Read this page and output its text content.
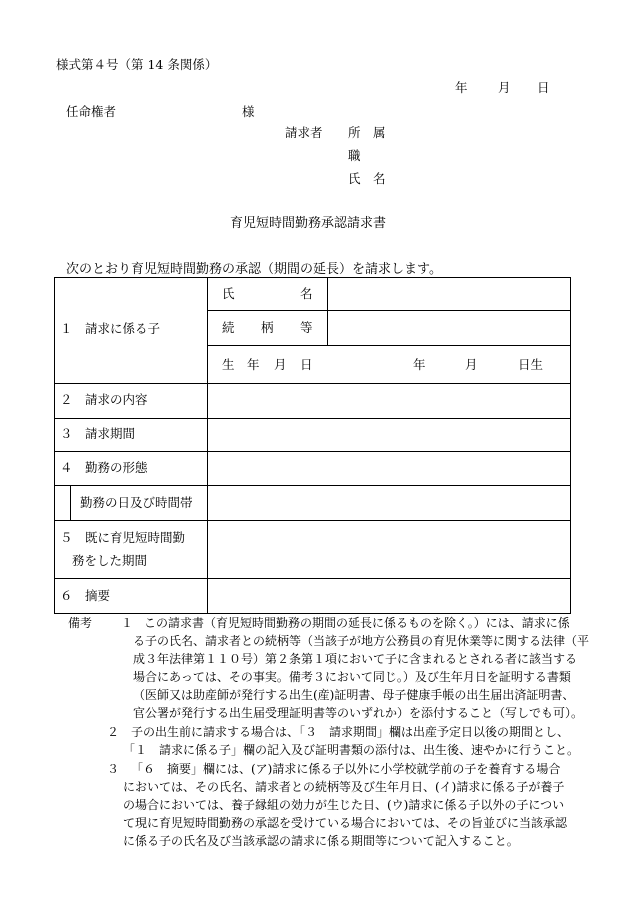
様式第４号（第 14 条関係）
年 月 日
任命権者	様
請求者 所　属
職
氏　名
育児短時間勤務承認請求書
次のとおり育児短時間勤務の承認（期間の延長）を請求します。
１　請求に係る子
氏	名
続 柄 等
生 年 月 日	年	月	日生
２　請求の内容
３　請求期間
４　勤務の形態
勤務の日及び時間帯
５　既に育児短時間勤
務をした期間
６　摘要
備考 １ この請求書（育児短時間勤務の期間の延長に係るものを除く。）には、請求に係
る子の氏名、請求者との続柄等（当該子が地方公務員の育児休業等に関する法律（平
成３年法律第１１０号）第２条第１項において子に含まれるとされる者に該当する
場合にあっては、その事実。備考３において同じ。）及び生年月日を証明する書類
（医師又は助産師が発行する出生(産)証明書、母子健康手帳の出生届出済証明書、
官公署が発行する出生届受理証明書等のいずれか）を添付すること（写しでも可）。
２ 子の出生前に請求する場合は、「３　請求期間」欄は出産予定日以後の期間とし、
「１　請求に係る子」欄の記入及び証明書類の添付は、出生後、速やかに行うこと。
３ 「６　摘要」欄には、(ア)請求に係る子以外に小学校就学前の子を養育する場合
においては、その氏名、請求者との続柄等及び生年月日、(イ)請求に係る子が養子
の場合においては、養子縁組の効力が生じた日、(ウ)請求に係る子以外の子につい
て現に育児短時間勤務の承認を受けている場合においては、その旨並びに当該承認
に係る子の氏名及び当該承認の請求に係る期間等について記入すること。
